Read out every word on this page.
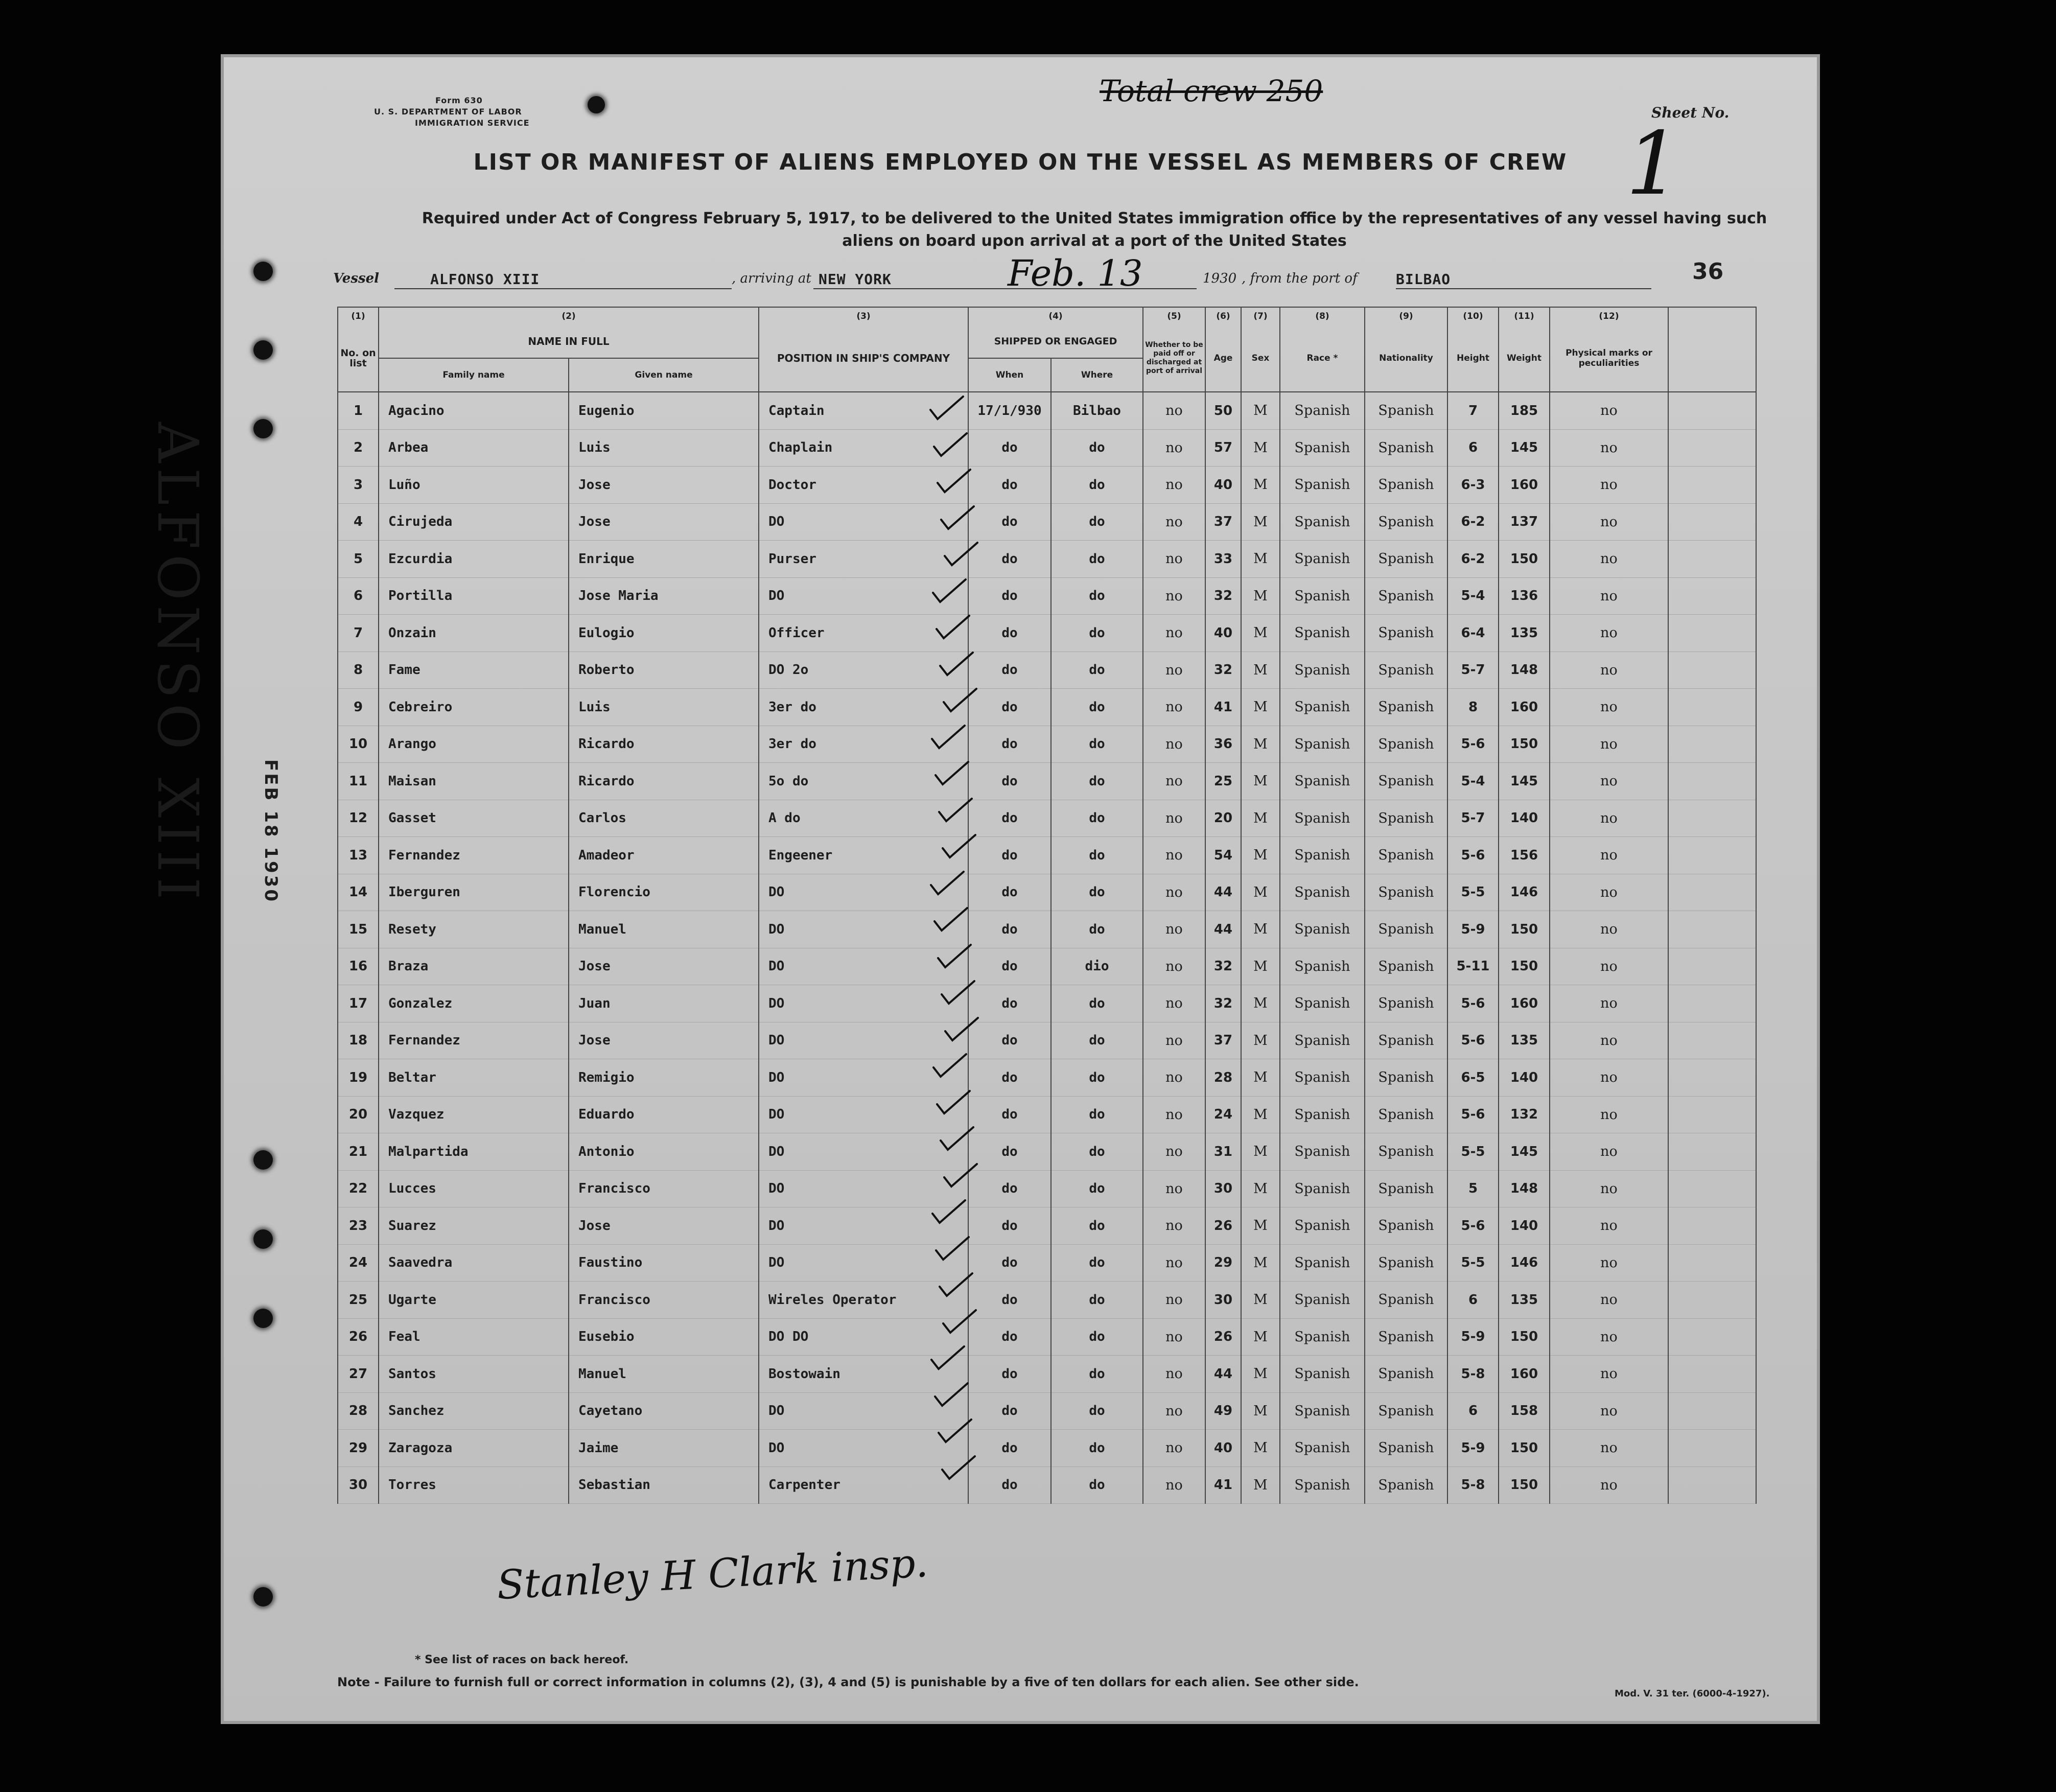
Form 630
U. S. DEPARTMENT OF LABOR
IMMIGRATION SERVICE
Total crew 250
Sheet No.
1
LIST OR MANIFEST OF ALIENS EMPLOYED ON THE VESSEL AS MEMBERS OF CREW
Required under Act of Congress February 5, 1917, to be delivered to the United States immigration office by the representatives of any vessel having such aliens on board upon arrival at a port of the United States
Vessel	ALFONSO XIII	, arriving at NEW YORK	Feb. 13	1930 , from the port of	BILBAO	36
ALFONSO XIII	FEB 18 1930
(1)	(2)		(3)	(4)		(5)	(6)	(7)	(8)	(9)	(10)	(11)	(12)	
No. on list	NAME IN FULL		POSITION IN SHIP'S COMPANY	SHIPPED OR ENGAGED		Whether to be paid off or discharged at port of arrival	Age	Sex	Race *	Nationality	Height	Weight	Physical marks or peculiarities	
	Family name	Given name		When	Where									
1	Agacino	Eugenio	Captain	17/1/930	Bilbao	no	50	M	Spanish	Spanish	7	185	no	
2	Arbea	Luis	Chaplain	do	do	no	57	M	Spanish	Spanish	6	145	no	
3	Luño	Jose	Doctor	do	do	no	40	M	Spanish	Spanish	6-3	160	no	
4	Cirujeda	Jose	DO	do	do	no	37	M	Spanish	Spanish	6-2	137	no	
5	Ezcurdia	Enrique	Purser	do	do	no	33	M	Spanish	Spanish	6-2	150	no	
6	Portilla	Jose Maria	DO	do	do	no	32	M	Spanish	Spanish	5-4	136	no	
7	Onzain	Eulogio	Officer	do	do	no	40	M	Spanish	Spanish	6-4	135	no	
8	Fame	Roberto	DO 2o	do	do	no	32	M	Spanish	Spanish	5-7	148	no	
9	Cebreiro	Luis	3er do	do	do	no	41	M	Spanish	Spanish	8	160	no	
10	Arango	Ricardo	3er do	do	do	no	36	M	Spanish	Spanish	5-6	150	no	
11	Maisan	Ricardo	5o do	do	do	no	25	M	Spanish	Spanish	5-4	145	no	
12	Gasset	Carlos	A do	do	do	no	20	M	Spanish	Spanish	5-7	140	no	
13	Fernandez	Amadeor	Engeener	do	do	no	54	M	Spanish	Spanish	5-6	156	no	
14	Iberguren	Florencio	DO	do	do	no	44	M	Spanish	Spanish	5-5	146	no	
15	Resety	Manuel	DO	do	do	no	44	M	Spanish	Spanish	5-9	150	no	
16	Braza	Jose	DO	do	dio	no	32	M	Spanish	Spanish	5-11	150	no	
17	Gonzalez	Juan	DO	do	do	no	32	M	Spanish	Spanish	5-6	160	no	
18	Fernandez	Jose	DO	do	do	no	37	M	Spanish	Spanish	5-6	135	no	
19	Beltar	Remigio	DO	do	do	no	28	M	Spanish	Spanish	6-5	140	no	
20	Vazquez	Eduardo	DO	do	do	no	24	M	Spanish	Spanish	5-6	132	no	
21	Malpartida	Antonio	DO	do	do	no	31	M	Spanish	Spanish	5-5	145	no	
22	Lucces	Francisco	DO	do	do	no	30	M	Spanish	Spanish	5	148	no	
23	Suarez	Jose	DO	do	do	no	26	M	Spanish	Spanish	5-6	140	no	
24	Saavedra	Faustino	DO	do	do	no	29	M	Spanish	Spanish	5-5	146	no	
25	Ugarte	Francisco	Wireles Operator	do	do	no	30	M	Spanish	Spanish	6	135	no	
26	Feal	Eusebio	DO DO	do	do	no	26	M	Spanish	Spanish	5-9	150	no	
27	Santos	Manuel	Bostowain	do	do	no	44	M	Spanish	Spanish	5-8	160	no	
28	Sanchez	Cayetano	DO	do	do	no	49	M	Spanish	Spanish	6	158	no	
29	Zaragoza	Jaime	DO	do	do	no	40	M	Spanish	Spanish	5-9	150	no	
30	Torres	Sebastian	Carpenter	do	do	no	41	M	Spanish	Spanish	5-8	150	no	
Stanley H Clark insp.
* See list of races on back hereof.
Note - Failure to furnish full or correct information in columns (2), (3), 4 and (5) is punishable by a five of ten dollars for each alien. See other side.
Mod. V. 31 ter. (6000-4-1927).
